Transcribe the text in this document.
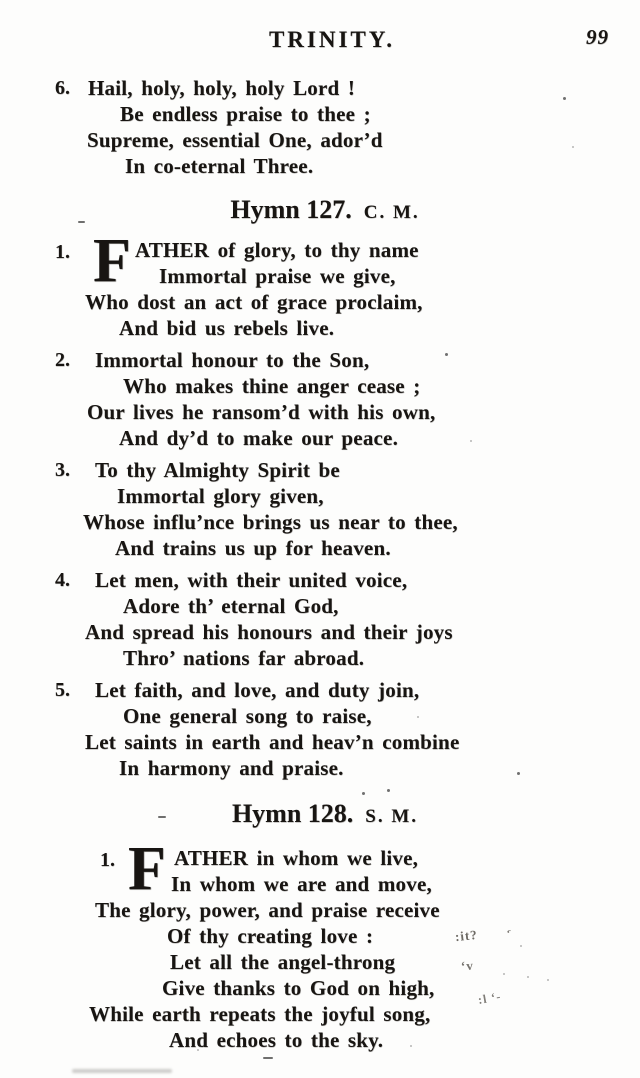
TRINITY.	99
6. Hail, holy, holy, holy Lord !
Be endless praise to thee ;
Supreme, essential One, ador’d
In co-eternal Three.
Hymn 127. C. M.
1. F ATHER of glory, to thy name
Immortal praise we give,
Who dost an act of grace proclaim,
And bid us rebels live.
2. Immortal honour to the Son,
Who makes thine anger cease ;
Our lives he ransom’d with his own,
And dy’d to make our peace.
3. To thy Almighty Spirit be
Immortal glory given,
Whose influ’nce brings us near to thee,
And trains us up for heaven.
4. Let men, with their united voice,
Adore th’ eternal God,
And spread his honours and their joys
Thro’ nations far abroad.
5. Let faith, and love, and duty join,
One general song to raise,
Let saints in earth and heav’n combine
In harmony and praise.
Hymn 128. S. M.
1. F ATHER in whom we live,
In whom we are and move,
The glory, power, and praise receive
Of thy creating love :
Let all the angel-throng
Give thanks to God on high,
While earth repeats the joyful song,
And echoes to the sky.
:it? ʻ
ʻv
:l ʻ-
